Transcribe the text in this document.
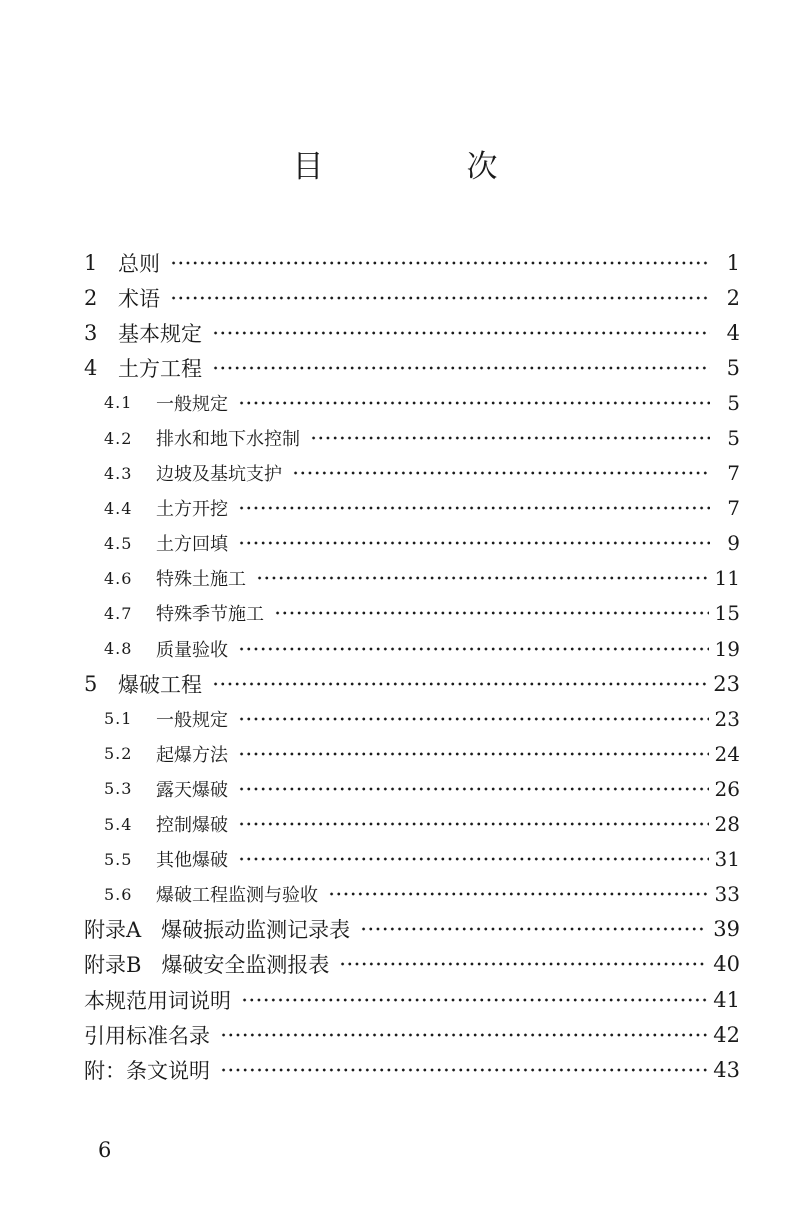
目　次
1 总则	1
2 术语	2
3 基本规定	4
4 土方工程	5
4.1	一般规定	5
4.2	排水和地下水控制	5
4.3	边坡及基坑支护	7
4.4	土方开挖	7
4.5	土方回填	9
4.6	特殊土施工	11
4.7	特殊季节施工	15
4.8	质量验收	19
5 爆破工程	23
5.1	一般规定	23
5.2	起爆方法	24
5.3	露天爆破	26
5.4	控制爆破	28
5.5	其他爆破	31
5.6	爆破工程监测与验收	33
附录A 爆破振动监测记录表	39
附录B 爆破安全监测报表	40
本规范用词说明	41
引用标准名录	42
附：条文说明	43
6
